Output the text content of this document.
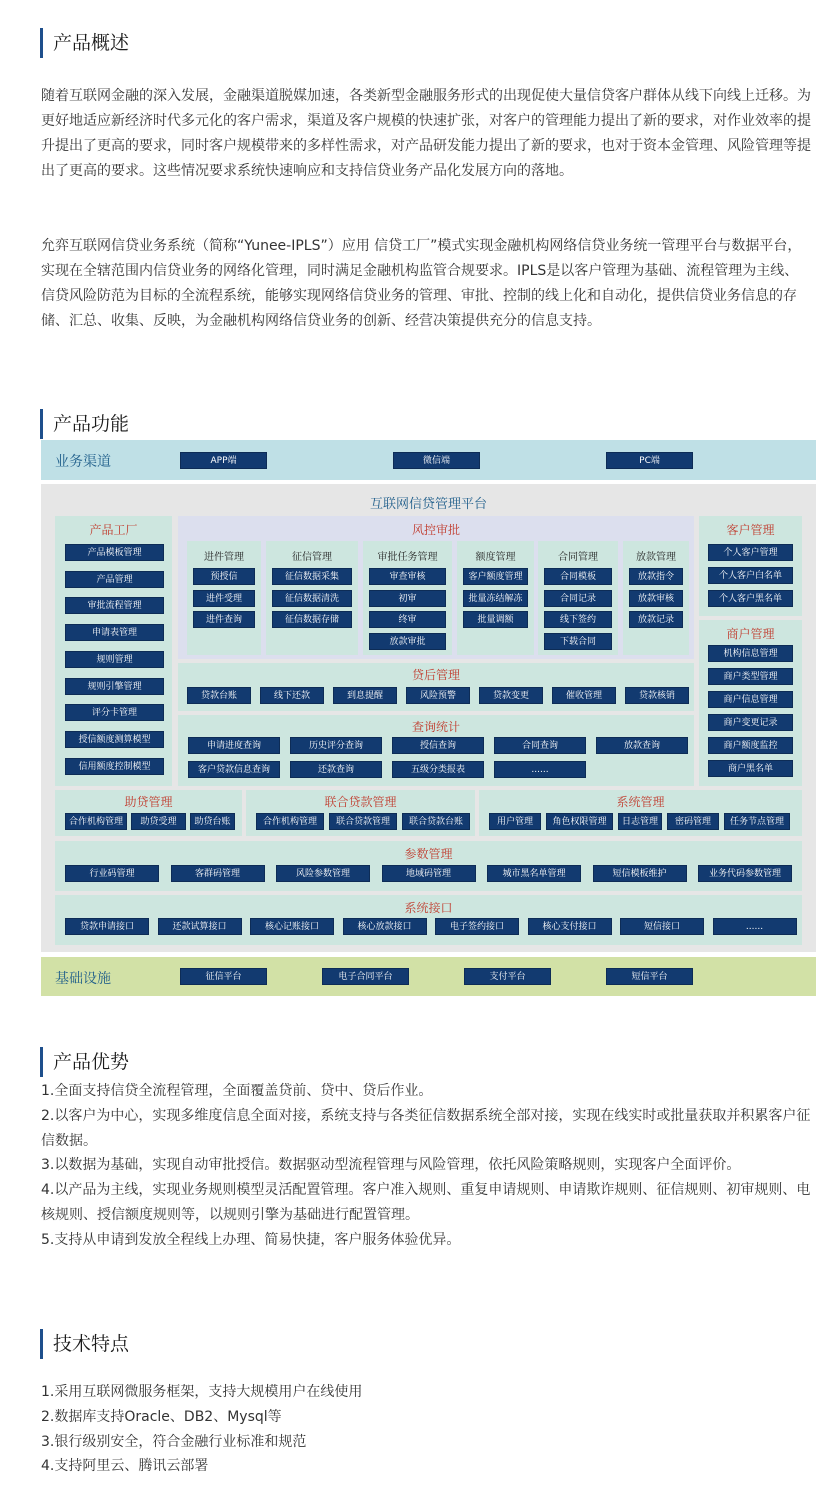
产品概述

随着互联网金融的深入发展，金融渠道脱媒加速，各类新型金融服务形式的出现促使大量信贷客户群体从线下向线上迁移。为更好地适应新经济时代多元化的客户需求，渠道及客户规模的快速扩张，对客户的管理能力提出了新的要求，对作业效率的提升提出了更高的要求，同时客户规模带来的多样性需求，对产品研发能力提出了新的要求，也对于资本金管理、风险管理等提出了更高的要求。这些情况要求系统快速响应和支持信贷业务产品化发展方向的落地。

允弈互联网信贷业务系统（简称“Yunee-IPLS”）应用 信贷工厂”模式实现金融机构网络信贷业务统一管理平台与数据平台，实现在全辖范围内信贷业务的网络化管理，同时满足金融机构监管合规要求。IPLS是以客户管理为基础、流程管理为主线、信贷风险防范为目标的全流程系统，能够实现网络信贷业务的管理、审批、控制的线上化和自动化，提供信贷业务信息的存储、汇总、收集、反映，为金融机构网络信贷业务的创新、经营决策提供充分的信息支持。

产品功能
业务渠道	APP端	微信端	PC端
互联网信贷管理平台
产品工厂	风控审批
贷后管理
查询统计
客户管理
商户管理
助贷管理	联合贷款管理	系统管理
参数管理
系统接口
基础设施	征信平台	电子合同平台	支付平台	短信平台
产品模板管理
产品管理
审批流程管理
申请表管理
规则管理
规则引擎管理
评分卡管理
授信额度测算模型
信用额度控制模型
进件管理
预授信
进件受理
进件查询
征信管理
征信数据采集
征信数据清洗
征信数据存储
审批任务管理
审查审核
初审
终审
放款审批
额度管理
客户额度管理
批量冻结解冻
批量调额
合同管理
合同模板
合同记录
线下签约
下载合同
放款管理
放款指令
放款审核
放款记录
贷款台账	线下还款	到息提醒	风险预警	贷款变更	催收管理	贷款核销
申请进度查询	历史评分查询	授信查询	合同查询	放款查询
客户贷款信息查询	还款查询	五级分类报表	......
个人客户管理
个人客户白名单
个人客户黑名单
机构信息管理
商户类型管理
商户信息管理
商户变更记录
商户额度监控
商户黑名单
合作机构管理	助贷受理	助贷台账	合作机构管理	联合贷款管理	联合贷款台账	用户管理	角色权限管理	日志管理	密码管理	任务节点管理
行业码管理	客群码管理	风险参数管理	地域码管理	城市黑名单管理	短信模板维护	业务代码参数管理
贷款申请接口	还款试算接口	核心记账接口	核心放款接口	电子签约接口	核心支付接口	短信接口	......
产品优势
1.全面支持信贷全流程管理，全面覆盖贷前、贷中、贷后作业。
2.以客户为中心，实现多维度信息全面对接，系统支持与各类征信数据系统全部对接，实现在线实时或批量获取并积累客户征信数据。
3.以数据为基础，实现自动审批授信。数据驱动型流程管理与风险管理，依托风险策略规则，实现客户全面评价。
4.以产品为主线，实现业务规则模型灵活配置管理。客户准入规则、重复申请规则、申请欺诈规则、征信规则、初审规则、电核规则、授信额度规则等，以规则引擎为基础进行配置管理。
5.支持从申请到发放全程线上办理、简易快捷，客户服务体验优异。
技术特点
1.采用互联网微服务框架，支持大规模用户在线使用
2.数据库支持Oracle、DB2、Mysql等
3.银行级别安全，符合金融行业标准和规范
4.支持阿里云、腾讯云部署
